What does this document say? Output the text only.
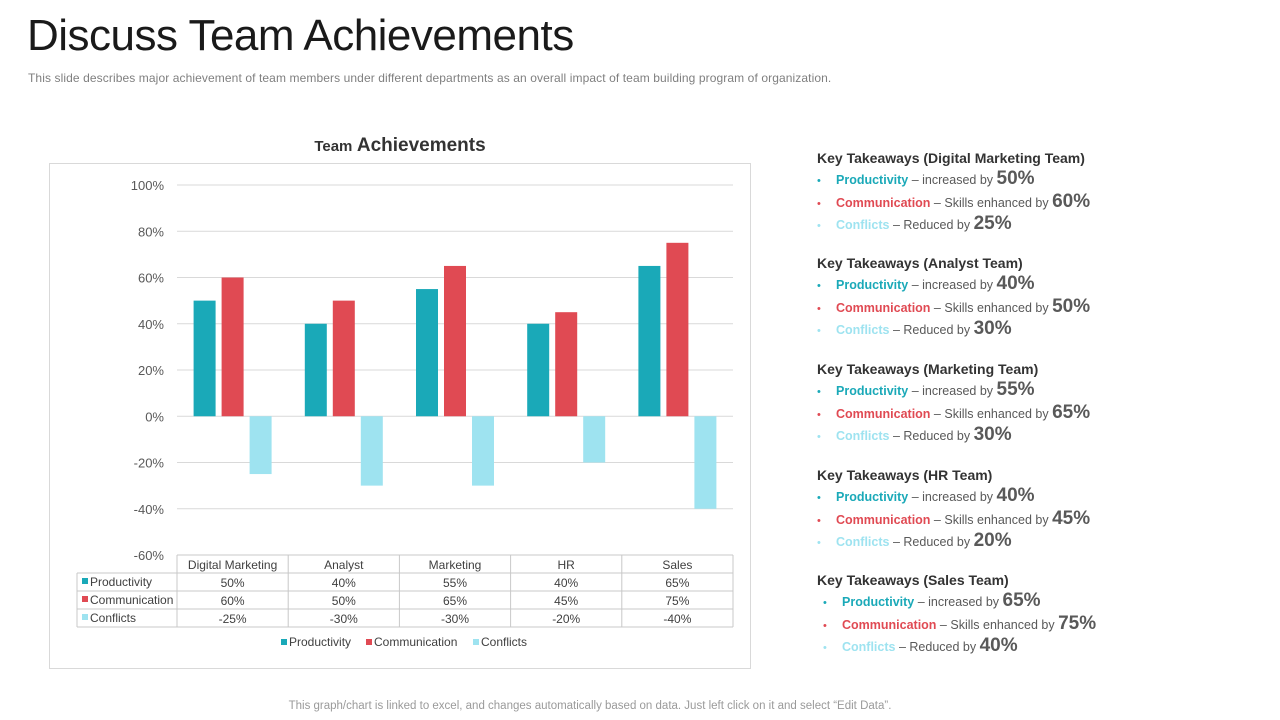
Discuss Team Achievements
This slide describes major achievement of team members under different departments as an overall impact of team building program of organization.
Team Achievements
100%
80%
60%
40%
20%
0%
-20%
-40%
-60%
Digital Marketing	Analyst	Marketing	HR	Sales
Productivity	50%	40%	55%	40%	65%
Communication	60%	50%	65%	45%	75%
Conflicts	-25%	-30%	-30%	-20%	-40%
Productivity Communication Conflicts
Key Takeaways (Digital Marketing Team)
• Productivity – increased by 50%
• Communication – Skills enhanced by 60%
• Conflicts – Reduced by 25%
Key Takeaways (Analyst Team)
• Productivity – increased by 40%
• Communication – Skills enhanced by 50%
• Conflicts – Reduced by 30%
Key Takeaways (Marketing Team)
• Productivity – increased by 55%
• Communication – Skills enhanced by 65%
• Conflicts – Reduced by 30%
Key Takeaways (HR Team)
• Productivity – increased by 40%
• Communication – Skills enhanced by 45%
• Conflicts – Reduced by 20%
Key Takeaways (Sales Team)
• Productivity – increased by 65%
• Communication – Skills enhanced by 75%
• Conflicts – Reduced by 40%
This graph/chart is linked to excel, and changes automatically based on data. Just left click on it and select “Edit Data”.
